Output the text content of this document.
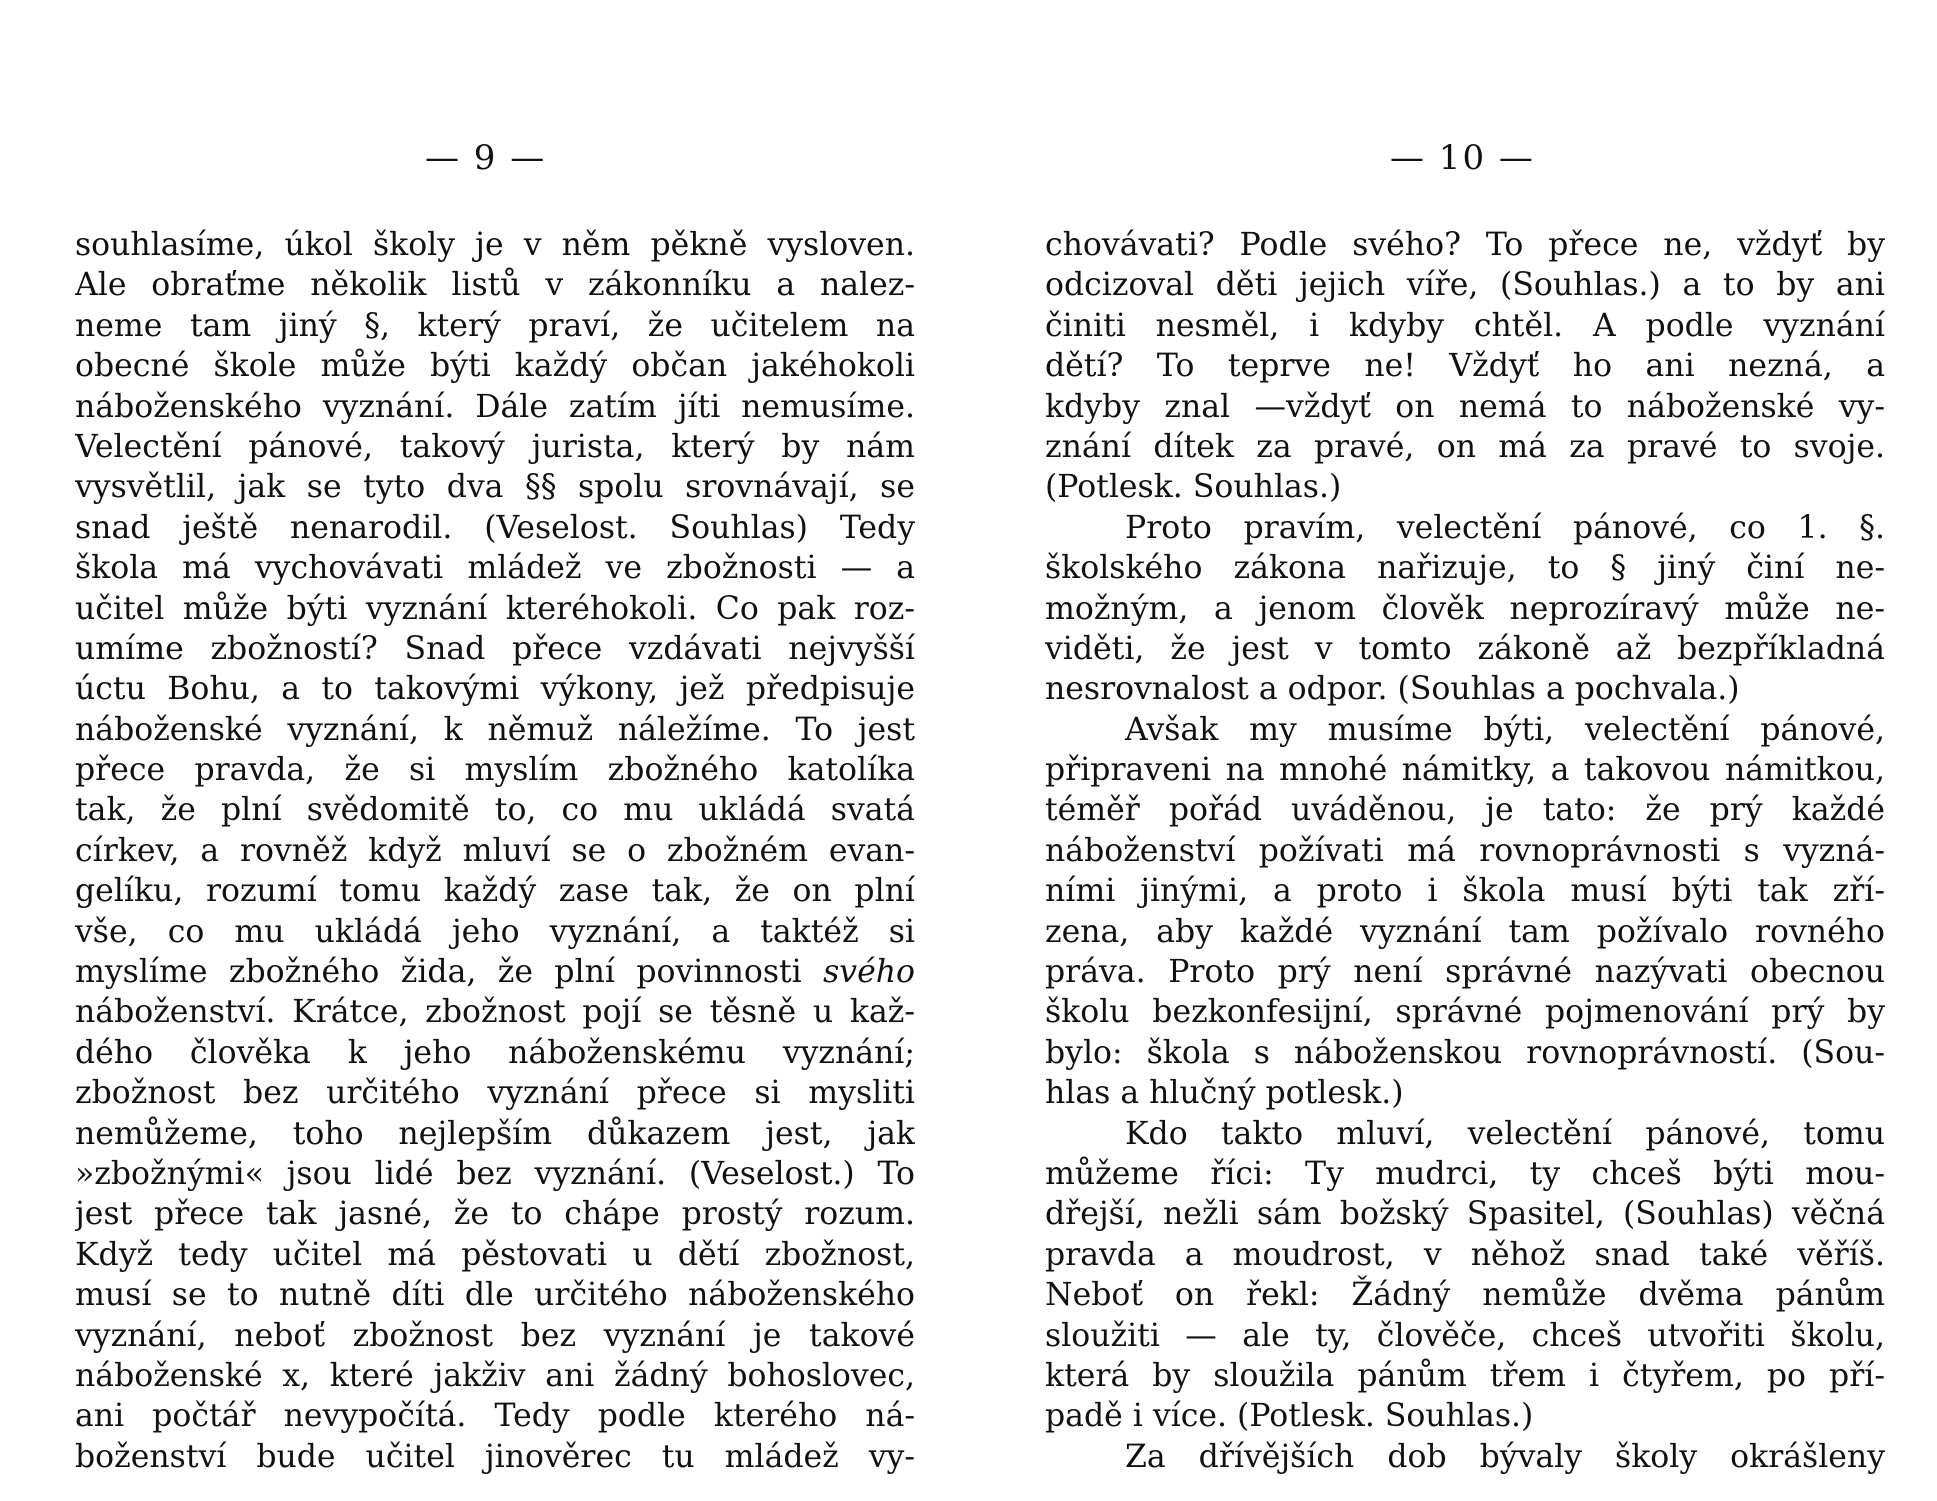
— 9 —
souhlasíme, úkol školy je v něm pěkně vysloven.
Ale obraťme několik listů v zákonníku a nalez-
neme tam jiný §, který praví, že učitelem na
obecné škole může býti každý občan jakéhokoli
náboženského vyznání. Dále zatím jíti nemusíme.
Velectění pánové, takový jurista, který by nám
vysvětlil, jak se tyto dva §§ spolu srovnávají, se
snad ještě nenarodil. (Veselost. Souhlas) Tedy
škola má vychovávati mládež ve zbožnosti — a
učitel může býti vyznání kteréhokoli. Co pak roz-
umíme zbožností? Snad přece vzdávati nejvyšší
úctu Bohu, a to takovými výkony, jež předpisuje
náboženské vyznání, k němuž náležíme. To jest
přece pravda, že si myslím zbožného katolíka
tak, že plní svědomitě to, co mu ukládá svatá
církev, a rovněž když mluví se o zbožném evan-
gelíku, rozumí tomu každý zase tak, že on plní
vše, co mu ukládá jeho vyznání, a taktéž si
myslíme zbožného žida, že plní povinnosti svého
náboženství. Krátce, zbožnost pojí se těsně u kaž-
dého člověka k jeho náboženskému vyznání;
zbožnost bez určitého vyznání přece si mysliti
nemůžeme, toho nejlepším důkazem jest, jak
»zbožnými« jsou lidé bez vyznání. (Veselost.) To
jest přece tak jasné, že to chápe prostý rozum.
Když tedy učitel má pěstovati u dětí zbožnost,
musí se to nutně díti dle určitého náboženského
vyznání, neboť zbožnost bez vyznání je takové
náboženské x, které jakživ ani žádný bohoslovec,
ani počtář nevypočítá. Tedy podle kterého ná-
boženství bude učitel jinověrec tu mládež vy-
— 10 —
chovávati? Podle svého? To přece ne, vždyť by
odcizoval děti jejich víře, (Souhlas.) a to by ani
činiti nesměl, i kdyby chtěl. A podle vyznání
dětí? To teprve ne! Vždyť ho ani nezná, a
kdyby znal —vždyť on nemá to náboženské vy-
znání dítek za pravé, on má za pravé to svoje.
(Potlesk. Souhlas.)
Proto pravím, velectění pánové, co 1. §.
školského zákona nařizuje, to § jiný činí ne-
možným, a jenom člověk neprozíravý může ne-
viděti, že jest v tomto zákoně až bezpříkladná
nesrovnalost a odpor. (Souhlas a pochvala.)
Avšak my musíme býti, velectění pánové,
připraveni na mnohé námitky, a takovou námitkou,
téměř pořád uváděnou, je tato: že prý každé
náboženství požívati má rovnoprávnosti s vyzná-
ními jinými, a proto i škola musí býti tak zří-
zena, aby každé vyznání tam požívalo rovného
práva. Proto prý není správné nazývati obecnou
školu bezkonfesijní, správné pojmenování prý by
bylo: škola s náboženskou rovnoprávností. (Sou-
hlas a hlučný potlesk.)
Kdo takto mluví, velectění pánové, tomu
můžeme říci: Ty mudrci, ty chceš býti mou-
dřejší, nežli sám božský Spasitel, (Souhlas) věčná
pravda a moudrost, v něhož snad také věříš.
Neboť on řekl: Žádný nemůže dvěma pánům
sloužiti — ale ty, člověče, chceš utvořiti školu,
která by sloužila pánům třem i čtyřem, po pří-
padě i více. (Potlesk. Souhlas.)
Za dřívějších dob bývaly školy okrášleny
